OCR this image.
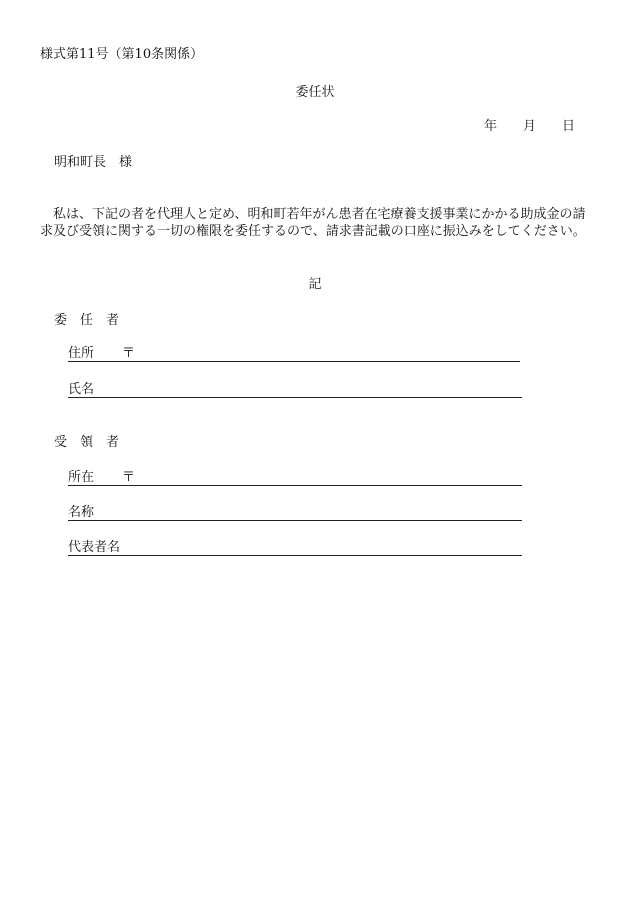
様式第11号（第10条関係）
委任状
年 月 日
明和町長　様
私は、下記の者を代理人と定め、明和町若年がん患者在宅療養支援事業にかかる助成金の請求及び受領に関する一切の権限を委任するので、請求書記載の口座に振込みをしてください。
記
委　任　者
住所 〒
氏名
受　領　者
所在 〒
名称
代表者名
